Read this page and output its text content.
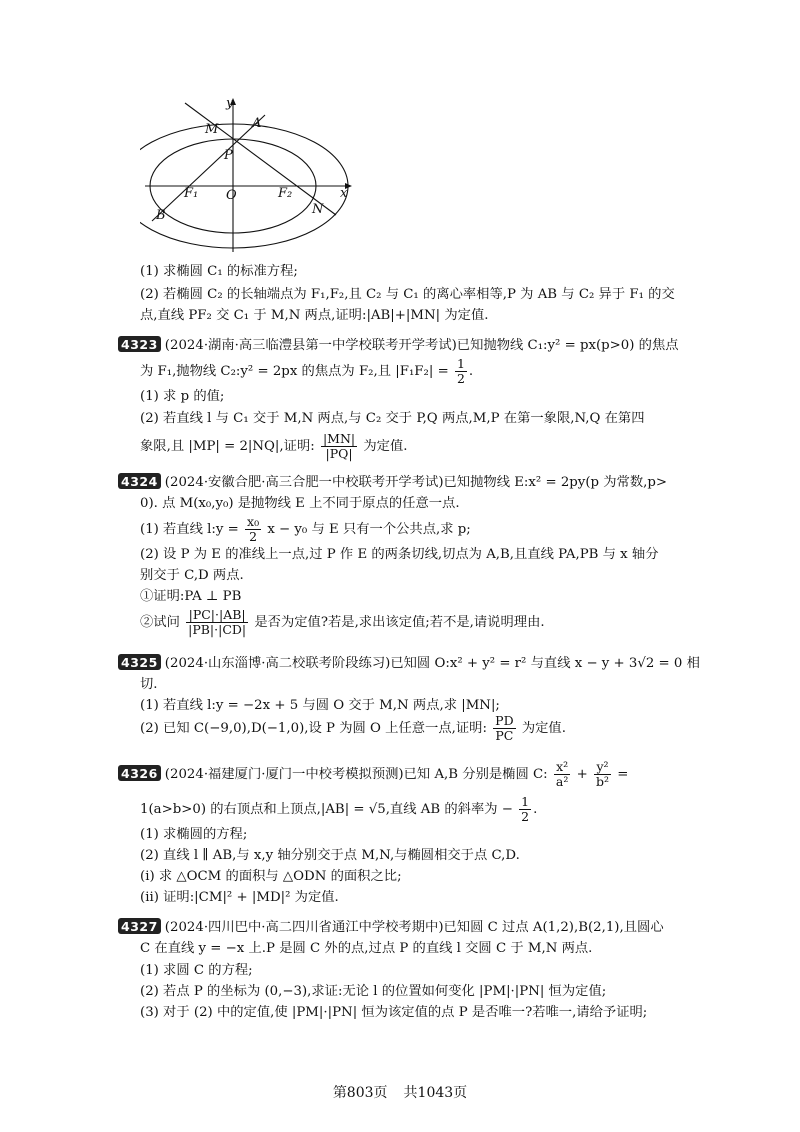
y
x
M	A
P
F₁ O	F₂
B	N
(1) 求椭圆 C₁ 的标准方程;
(2) 若椭圆 C₂ 的长轴端点为 F₁,F₂,且 C₂ 与 C₁ 的离心率相等,P 为 AB 与 C₂ 异于 F₁ 的交
点,直线 PF₂ 交 C₁ 于 M,N 两点,证明:|AB|+|MN| 为定值.
4323 (2024·湖南·高三临澧县第一中学校联考开学考试)已知抛物线 C₁:y² = px(p>0) 的焦点
为 F₁,抛物线 C₂:y² = 2px 的焦点为 F₂,且 $|F_1F_2| = \frac{1}{2}$ .
(1) 求 p 的值;
(2) 若直线 l 与 C₁ 交于 M,N 两点,与 C₂ 交于 P,Q 两点,M,P 在第一象限,N,Q 在第四
象限,且 |MP| = 2|NQ|,证明: $\frac{|MN|}{|PQ|}$ 为定值.
4324 (2024·安徽合肥·高三合肥一中校联考开学考试)已知抛物线 E:x² = 2py(p 为常数,p>
0). 点 M(x₀,y₀) 是抛物线 E 上不同于原点的任意一点.
(1) 若直线 l:y = $\frac{\text{x₀}}{2}$ x − y₀ 与 E 只有一个公共点,求 p;
(2) 设 P 为 E 的准线上一点,过 P 作 E 的两条切线,切点为 A,B,且直线 PA,PB 与 x 轴分
别交于 C,D 两点.
①证明:PA ⊥ PB
②试问 $\frac{|PC|\cdot|AB|}{|PB|\cdot|CD|}$ 是否为定值?若是,求出该定值;若不是,请说明理由.
4325 (2024·山东淄博·高二校联考阶段练习)已知圆 O:x² + y² = r² 与直线 x − y + 3√2 = 0 相
切.
(1) 若直线 l:y = −2x + 5 与圆 O 交于 M,N 两点,求 |MN|;
(2) 已知 C(−9,0),D(−1,0),设 P 为圆 O 上任意一点,证明: $\frac{PD}{PC}$ 为定值.
4326 (2024·福建厦门·厦门一中校考模拟预测)已知 A,B 分别是椭圆 C: $\frac{\text{x²}}{\text{a²}} + \frac{\text{y²}}{\text{b²}}$ =
1(a>b>0) 的右顶点和上顶点,|AB| = √5,直线 AB 的斜率为 − $\frac{1}{2}$ .
(1) 求椭圆的方程;
(2) 直线 l ∥ AB,与 x,y 轴分别交于点 M,N,与椭圆相交于点 C,D.
(i) 求 △OCM 的面积与 △ODN 的面积之比;
(ii) 证明:|CM|² + |MD|² 为定值.
4327 (2024·四川巴中·高二四川省通江中学校考期中)已知圆 C 过点 A(1,2),B(2,1),且圆心
C 在直线 y = −x 上.P 是圆 C 外的点,过点 P 的直线 l 交圆 C 于 M,N 两点.
(1) 求圆 C 的方程;
(2) 若点 P 的坐标为 (0,−3),求证:无论 l 的位置如何变化 |PM|·|PN| 恒为定值;
(3) 对于 (2) 中的定值,使 |PM|·|PN| 恒为该定值的点 P 是否唯一?若唯一,请给予证明;
第803页 共1043页
